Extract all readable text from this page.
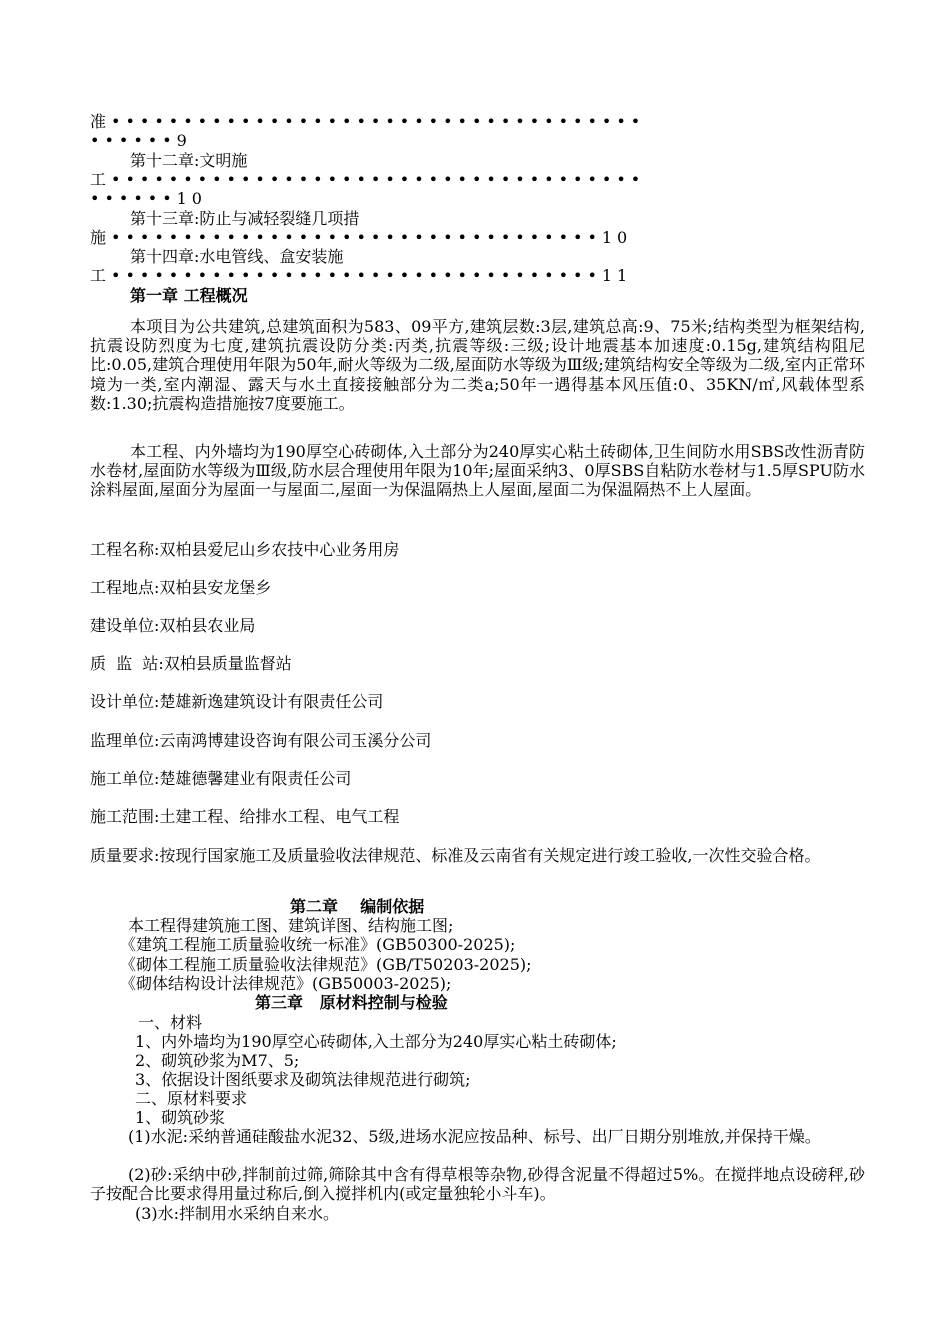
准•••••••••••••••••••••••••••••••••••••
••••••9
第十二章:文明施
工•••••••••••••••••••••••••••••••••••••
••••••10
第十三章:防止与减轻裂缝几项措
施••••••••••••••••••••••••••••••••••10
第十四章:水电管线、盒安装施
工••••••••••••••••••••••••••••••••••11
第一章 工程概况
本项目为公共建筑,总建筑面积为583、09平方,建筑层数:3层,建筑总高:9、75米;结构类型为框架结构,抗震设防烈度为七度,建筑抗震设防分类:丙类,抗震等级:三级;设计地震基本加速度:0.15g,建筑结构阻尼比:0.05,建筑合理使用年限为50年,耐火等级为二级,屋面防水等级为Ⅲ级;建筑结构安全等级为二级,室内正常环境为一类,室内潮湿、露天与水土直接接触部分为二类a;50年一遇得基本风压值:0、35KN/㎡,风载体型系数:1.30;抗震构造措施按7度要施工。
本工程、内外墙均为190厚空心砖砌体,入土部分为240厚实心粘土砖砌体,卫生间防水用SBS改性沥青防水卷材,屋面防水等级为Ⅲ级,防水层合理使用年限为10年;屋面采纳3、0厚SBS自粘防水卷材与1.5厚SPU防水涂料屋面,屋面分为屋面一与屋面二,屋面一为保温隔热上人屋面,屋面二为保温隔热不上人屋面。
工程名称:双柏县爱尼山乡农技中心业务用房
工程地点:双柏县安龙堡乡
建设单位:双柏县农业局
质  监  站:双柏县质量监督站
设计单位:楚雄新逸建筑设计有限责任公司
监理单位:云南鸿博建设咨询有限公司玉溪分公司
施工单位:楚雄德馨建业有限责任公司
施工范围:土建工程、给排水工程、电气工程
质量要求:按现行国家施工及质量验收法律规范、标准及云南省有关规定进行竣工验收,一次性交验合格。
第二章    编制依据
本工程得建筑施工图、建筑详图、结构施工图;
《建筑工程施工质量验收统一标准》(GB50300-2025);
《砌体工程施工质量验收法律规范》(GB/T50203-2025);
《砌体结构设计法律规范》(GB50003-2025);
第三章   原材料控制与检验
一、材料
1、内外墙均为190厚空心砖砌体,入土部分为240厚实心粘土砖砌体;
2、砌筑砂浆为M7、5;
3、依据设计图纸要求及砌筑法律规范进行砌筑;
二、原材料要求
1、砌筑砂浆
(1)水泥:采纳普通硅酸盐水泥32、5级,进场水泥应按品种、标号、出厂日期分别堆放,并保持干燥。
(2)砂:采纳中砂,拌制前过筛,筛除其中含有得草根等杂物,砂得含泥量不得超过5%。在搅拌地点设磅秤,砂子按配合比要求得用量过称后,倒入搅拌机内(或定量独轮小斗车)。
(3)水:拌制用水采纳自来水。
